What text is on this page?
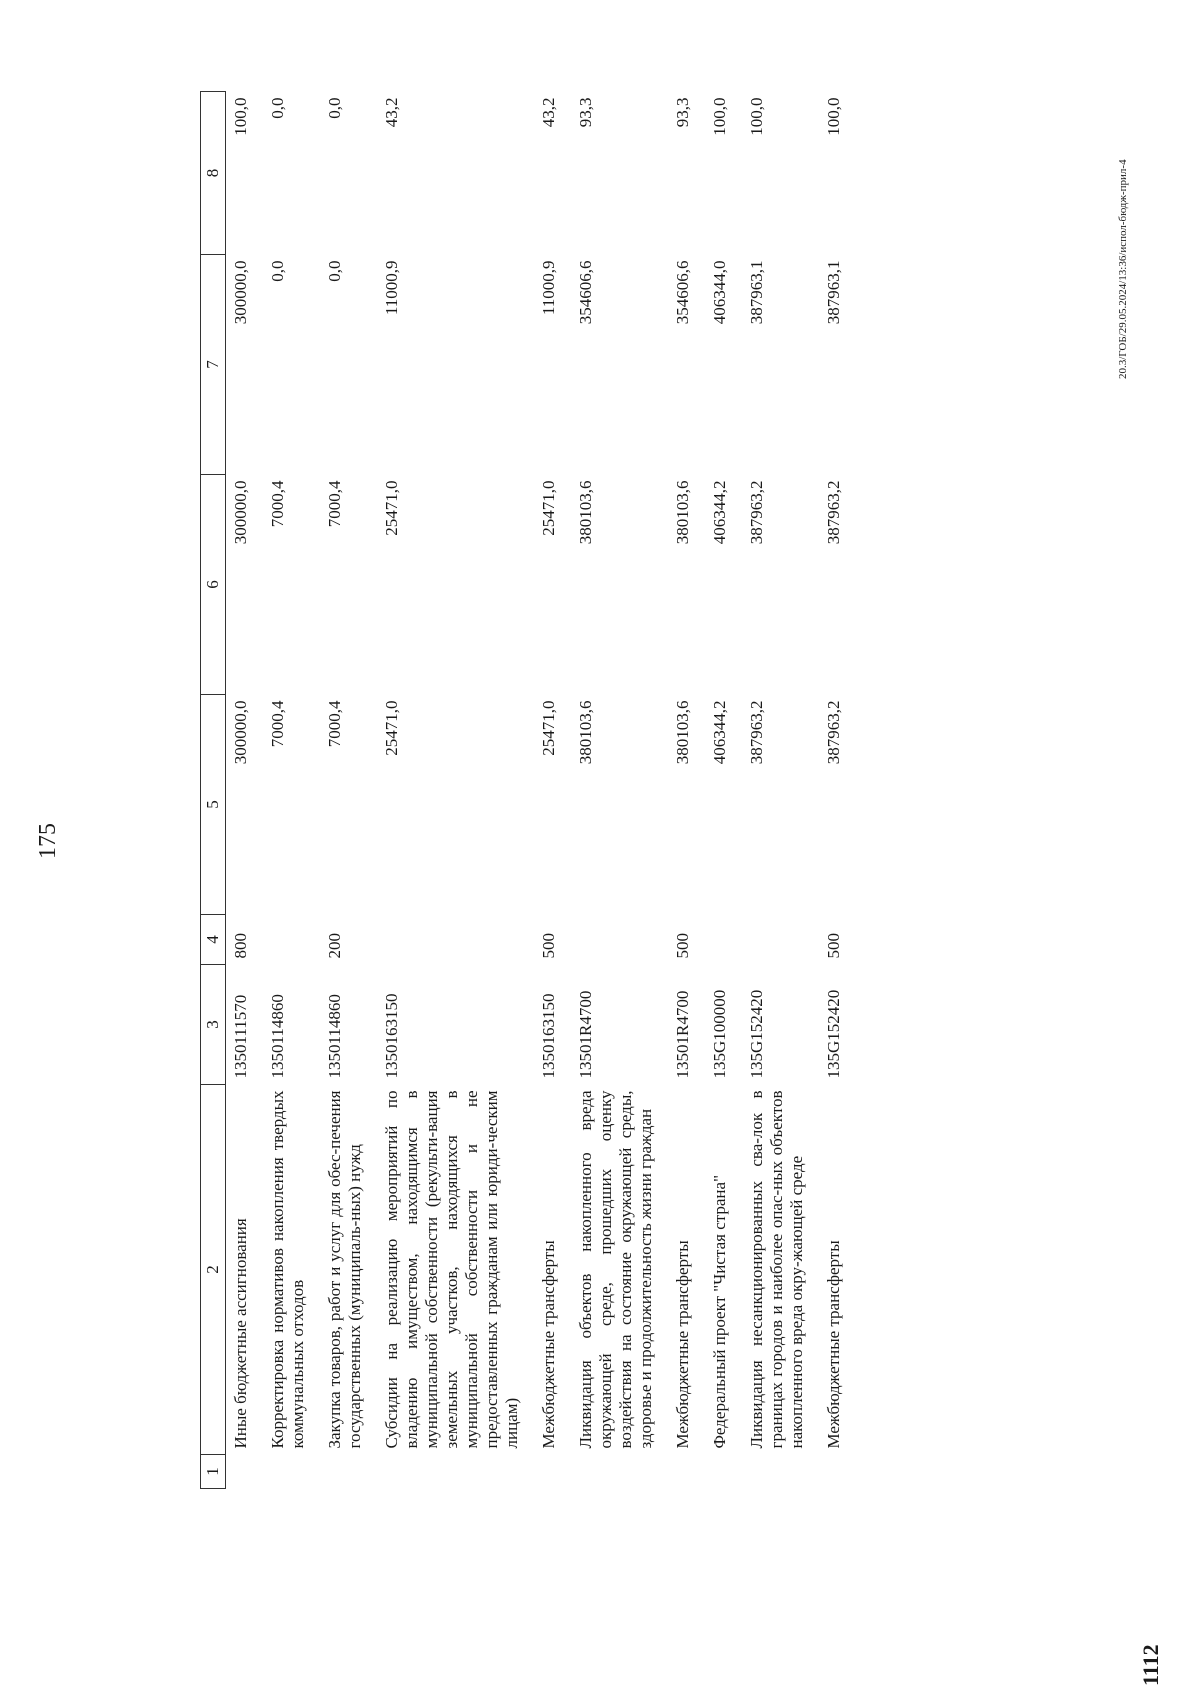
175
1	2	3	4	5	6	7	8
	Иные бюджетные ассигнования	1350111570	800	300000,0	300000,0	300000,0	100,0
	Корректировка нормативов накопления твердых коммунальных отходов	1350114860		7000,4	7000,4	0,0	0,0
	Закупка товаров, работ и услуг для обес-печения государственных (муниципаль-ных) нужд	1350114860	200	7000,4	7000,4	0,0	0,0
	Субсидии на реализацию мероприятий по владению имуществом, находящимся в муниципальной собственности (рекульти-вация земельных участков, находящихся в муниципальной собственности и не предоставленных гражданам или юриди-ческим лицам)	1350163150		25471,0	25471,0	11000,9	43,2
	Межбюджетные трансферты	1350163150	500	25471,0	25471,0	11000,9	43,2
	Ликвидация объектов накопленного вреда окружающей среде, прошедших оценку воздействия на состояние окружающей среды, здоровье и продолжительность жизни граждан	13501R4700		380103,6	380103,6	354606,6	93,3
	Межбюджетные трансферты	13501R4700	500	380103,6	380103,6	354606,6	93,3
	Федеральный проект "Чистая страна"	135G100000		406344,2	406344,2	406344,0	100,0
	Ликвидация несанкционированных сва-лок в границах городов и наиболее опас-ных объектов накопленного вреда окру-жающей среде	135G152420		387963,2	387963,2	387963,1	100,0
	Межбюджетные трансферты	135G152420	500	387963,2	387963,2	387963,1	100,0
20.3/ГОБ/29.05.2024/13:36/испол-бюдж-прил-4
1112
